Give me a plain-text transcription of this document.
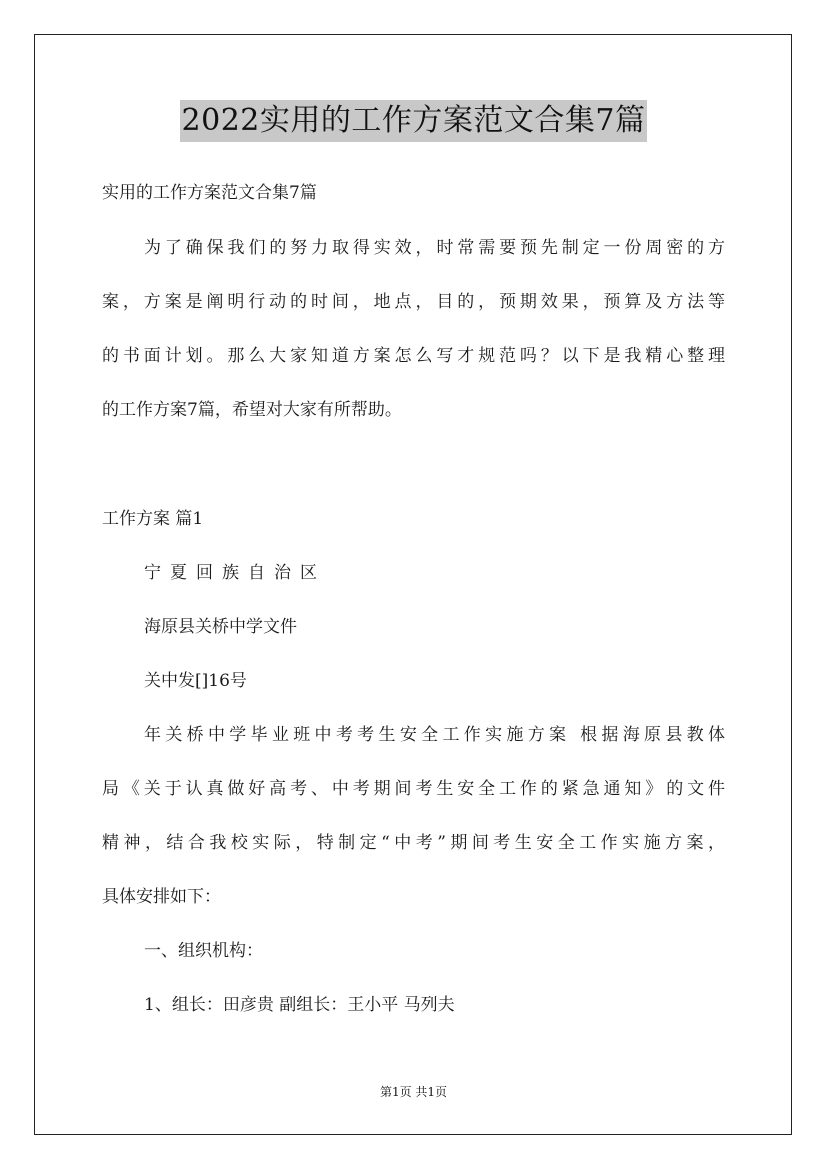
2022实用的工作方案范文合集7篇
实用的工作方案范文合集7篇
为了确保我们的努力取得实效，时常需要预先制定一份周密的方
案，方案是阐明行动的时间，地点，目的，预期效果，预算及方法等
的书面计划。那么大家知道方案怎么写才规范吗？以下是我精心整理
的工作方案7篇，希望对大家有所帮助。
工作方案 篇1
宁夏回族自治区
海原县关桥中学文件
关中发[]16号
年关桥中学毕业班中考考生安全工作实施方案 根据海原县教体
局《关于认真做好高考、中考期间考生安全工作的紧急通知》的文件
精神，结合我校实际，特制定“中考”期间考生安全工作实施方案，
具体安排如下：
一、组织机构：
1、组长：田彦贵 副组长：王小平 马列夫
第1页 共1页
